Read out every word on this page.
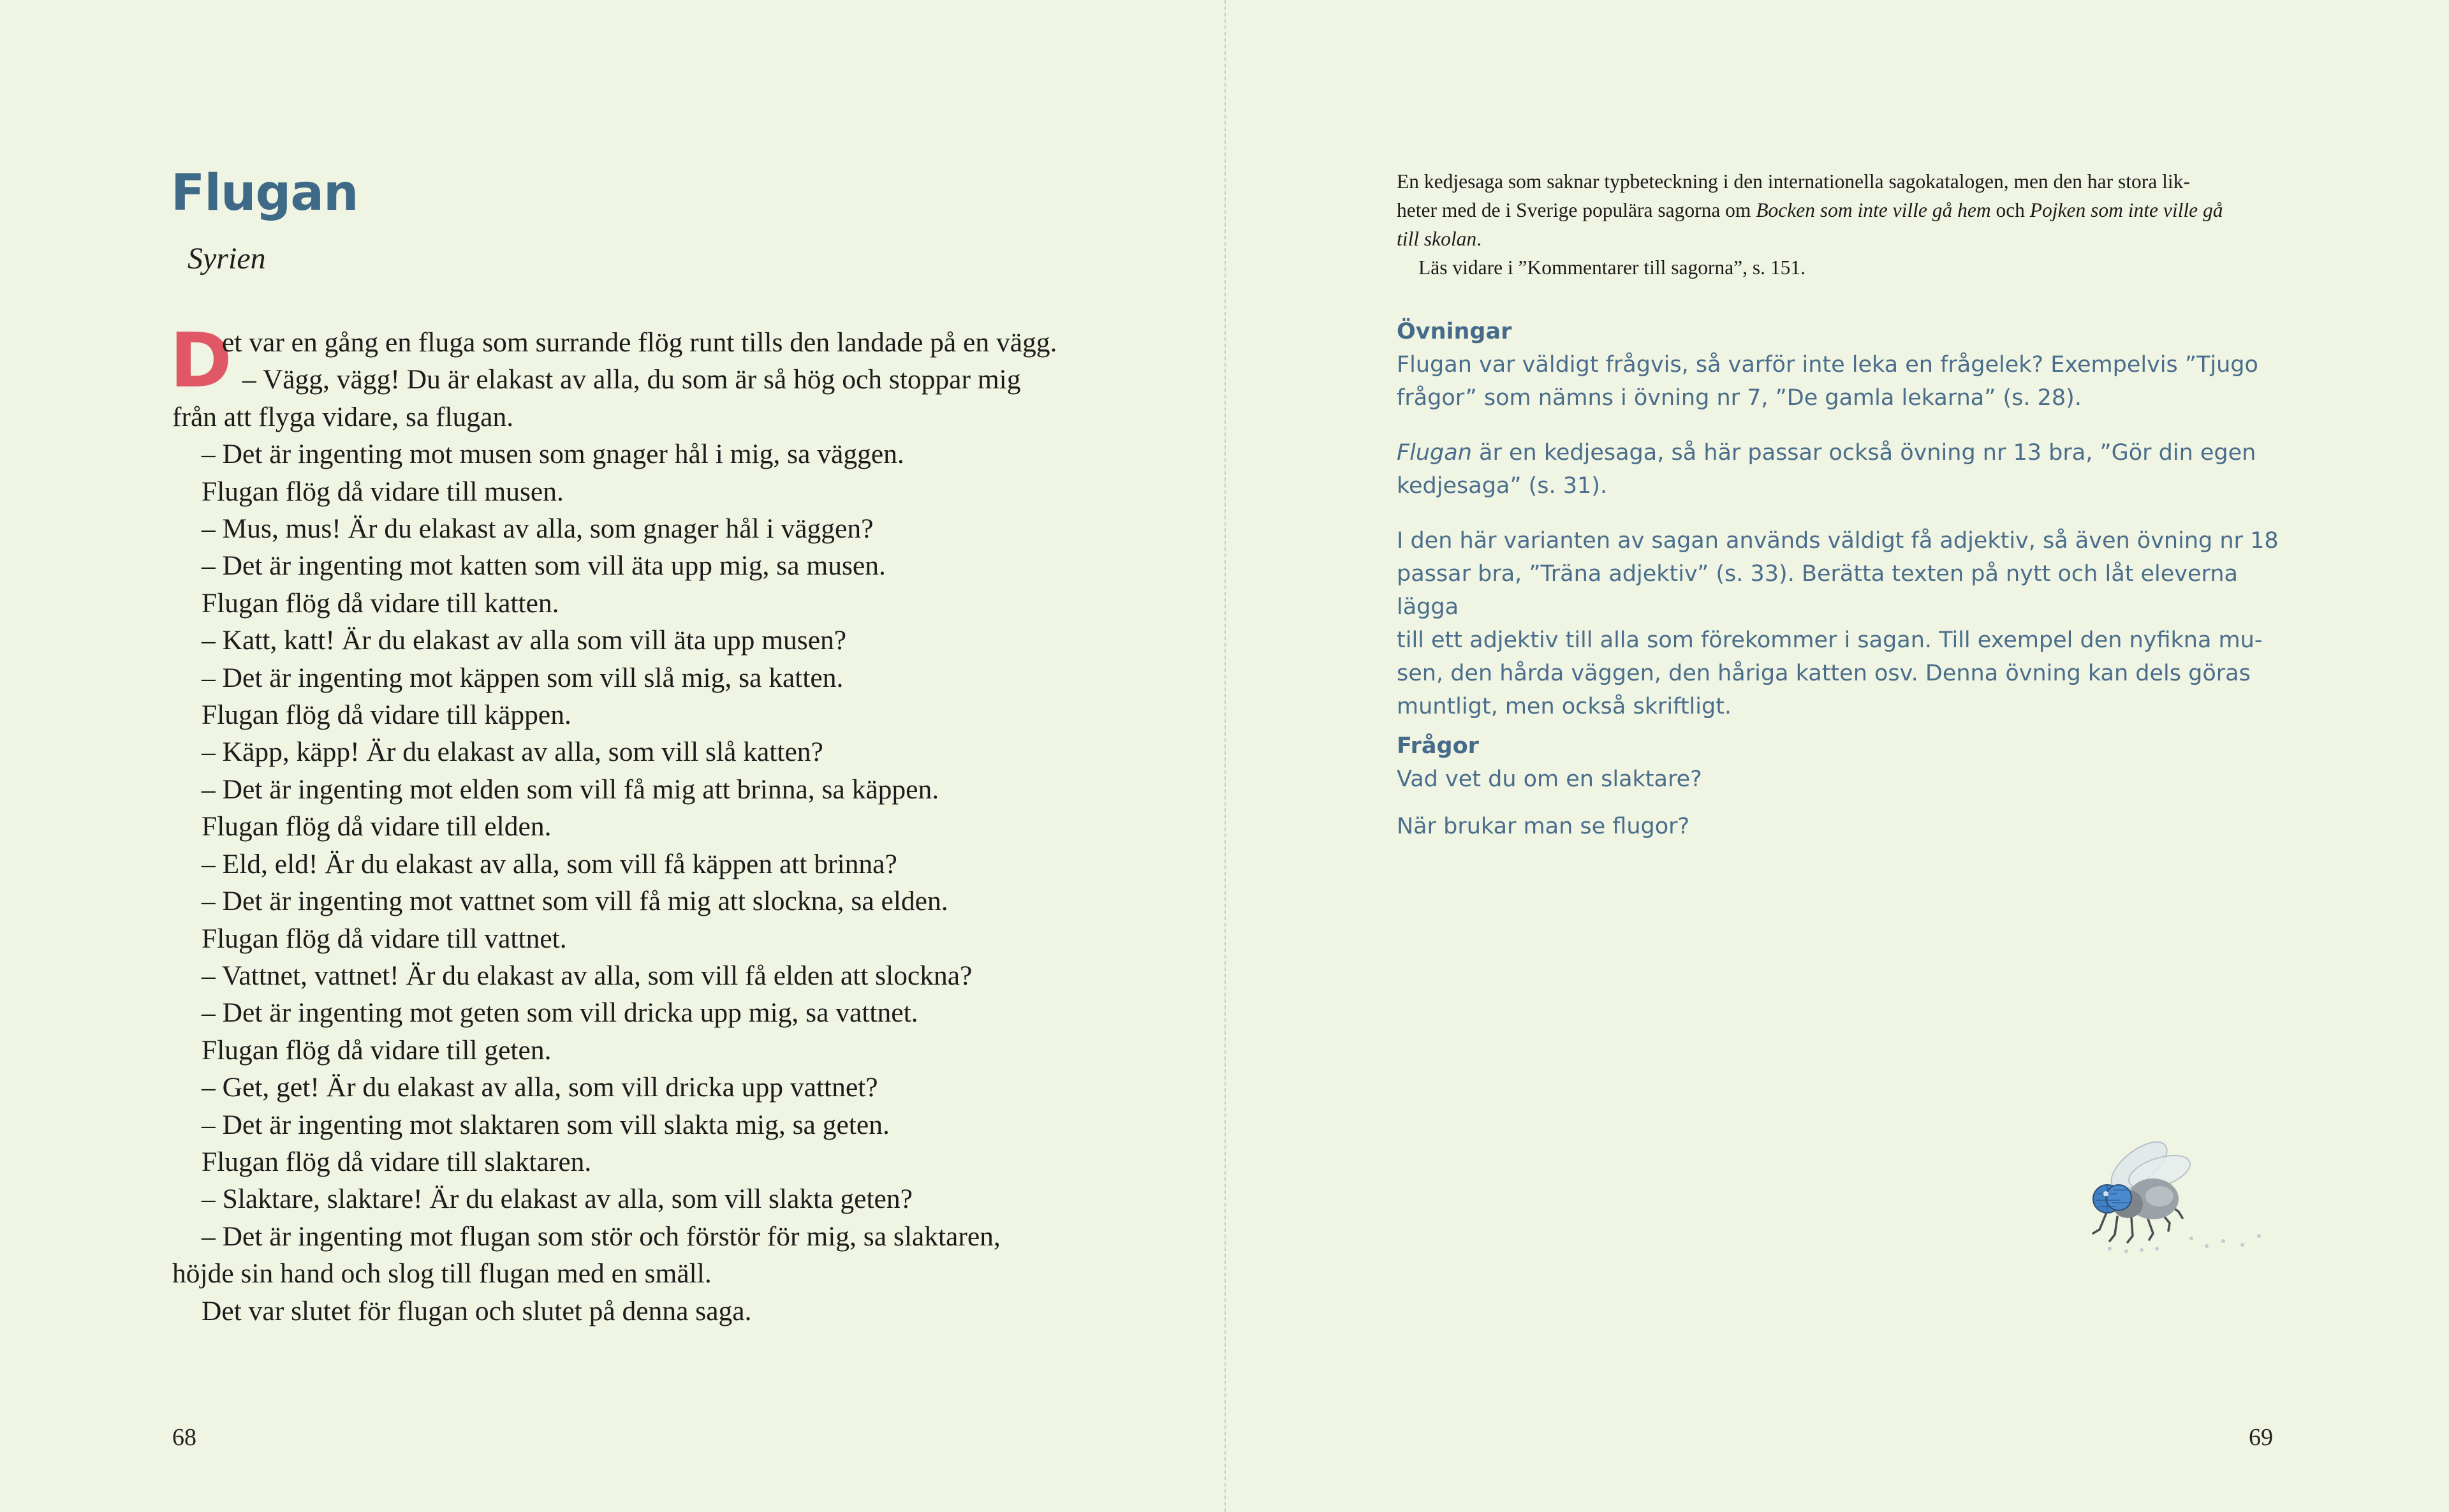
Flugan
Syrien
D
et var en gång en fluga som surrande flög runt tills den landade på en vägg.
– Vägg, vägg! Du är elakast av alla, du som är så hög och stoppar mig
från att flyga vidare, sa flugan.
– Det är ingenting mot musen som gnager hål i mig, sa väggen.
Flugan flög då vidare till musen.
– Mus, mus! Är du elakast av alla, som gnager hål i väggen?
– Det är ingenting mot katten som vill äta upp mig, sa musen.
Flugan flög då vidare till katten.
– Katt, katt! Är du elakast av alla som vill äta upp musen?
– Det är ingenting mot käppen som vill slå mig, sa katten.
Flugan flög då vidare till käppen.
– Käpp, käpp! Är du elakast av alla, som vill slå katten?
– Det är ingenting mot elden som vill få mig att brinna, sa käppen.
Flugan flög då vidare till elden.
– Eld, eld! Är du elakast av alla, som vill få käppen att brinna?
– Det är ingenting mot vattnet som vill få mig att slockna, sa elden.
Flugan flög då vidare till vattnet.
– Vattnet, vattnet! Är du elakast av alla, som vill få elden att slockna?
– Det är ingenting mot geten som vill dricka upp mig, sa vattnet.
Flugan flög då vidare till geten.
– Get, get! Är du elakast av alla, som vill dricka upp vattnet?
– Det är ingenting mot slaktaren som vill slakta mig, sa geten.
Flugan flög då vidare till slaktaren.
– Slaktare, slaktare! Är du elakast av alla, som vill slakta geten?
– Det är ingenting mot flugan som stör och förstör för mig, sa slaktaren,
höjde sin hand och slog till flugan med en smäll.
Det var slutet för flugan och slutet på denna saga.
68

En kedjesaga som saknar typbeteckning i den internationella sagokatalogen, men den har stora lik-

heter med de i Sverige populära sagorna om Bocken som inte ville gå hem och Pojken som inte ville gå

till skolan.

Läs vidare i ”Kommentarer till sagorna”, s. 151.

Övningar

Flugan var väldigt frågvis, så varför inte leka en frågelek? Exempelvis ”Tjugo

frågor” som nämns i övning nr 7, ”De gamla lekarna” (s. 28).

Flugan är en kedjesaga, så här passar också övning nr 13 bra, ”Gör din egen

kedjesaga” (s. 31).

I den här varianten av sagan används väldigt få adjektiv, så även övning nr 18

passar bra, ”Träna adjektiv” (s. 33). Berätta texten på nytt och låt eleverna lägga

till ett adjektiv till alla som förekommer i sagan. Till exempel den nyfikna mu-

sen, den hårda väggen, den håriga katten osv. Denna övning kan dels göras

muntligt, men också skriftligt.

Frågor

Vad vet du om en slaktare?

När brukar man se flugor?

69
